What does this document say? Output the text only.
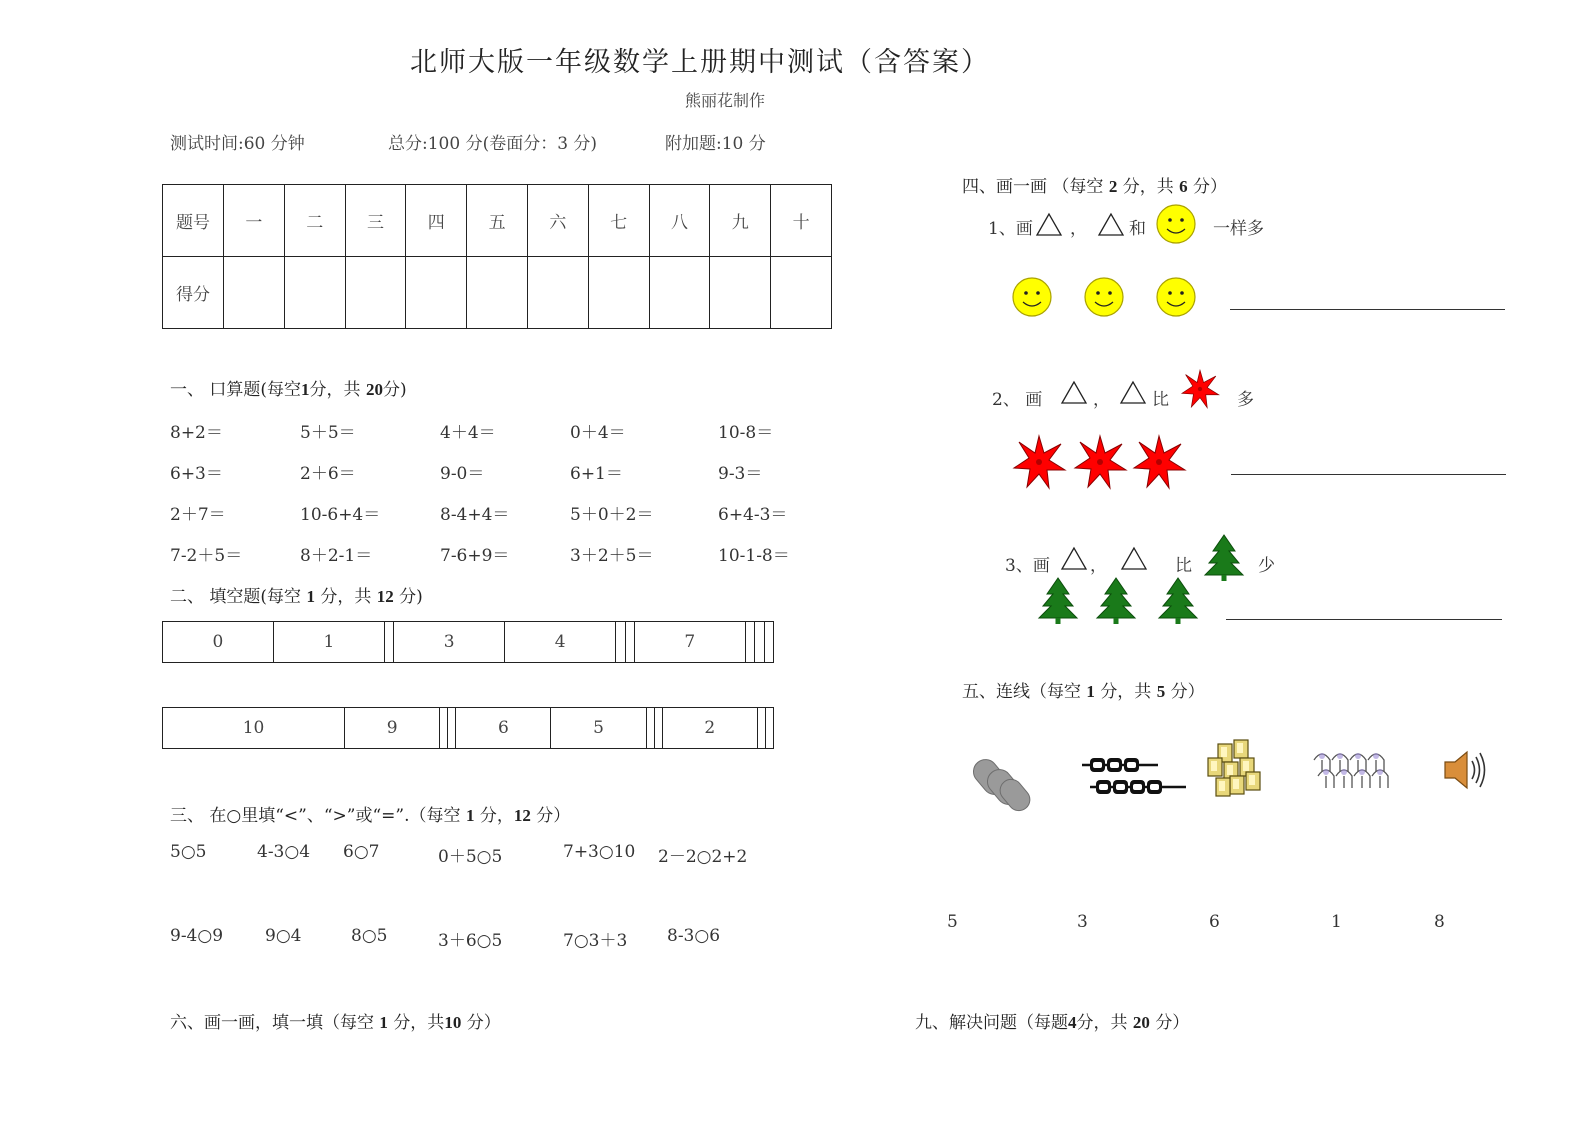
北师大版一年级数学上册期中测试（含答案）
熊丽花制作
测试时间:60 分钟	总分:100 分(卷面分：3 分)	附加题:10 分
题号	一	二	三	四	五	六	七	八	九	十
得分										
一、 口算题(每空1分，共 20分)
8+2＝	5＋5＝	4＋4＝	0＋4＝	10-8＝
6+3＝	2＋6＝	9-0＝	6+1＝	9-3＝
2＋7＝	10-6+4＝	8-4+4＝	5＋0＋2＝	6+4-3＝
7-2＋5＝	8＋2-1＝	7-6+9＝	3＋2＋5＝	10-1-8＝
二、 填空题(每空 1 分，共 12 分)
0	1		3	4			7			
10	9			6	5			2		
三、 在○里填“<”、“>”或“=”.（每空 1 分，12 分）
5○5	4-3○4 6○7	0＋5○5	7+3○10 2－2○2+2
9-4○9 9○4	8○5	3＋6○5	7○3＋3 8-3○6
六、画一画，填一填（每空 1 分，共10 分）
四、画一画 （每空 2 分，共 6 分）
1、画 ， 和	一样多
2、 画	， 比	多
3、画 ，	比	少
五、连线（每空 1 分，共 5 分）
5	3	6	1	8
九、解决问题（每题4分，共 20 分）
